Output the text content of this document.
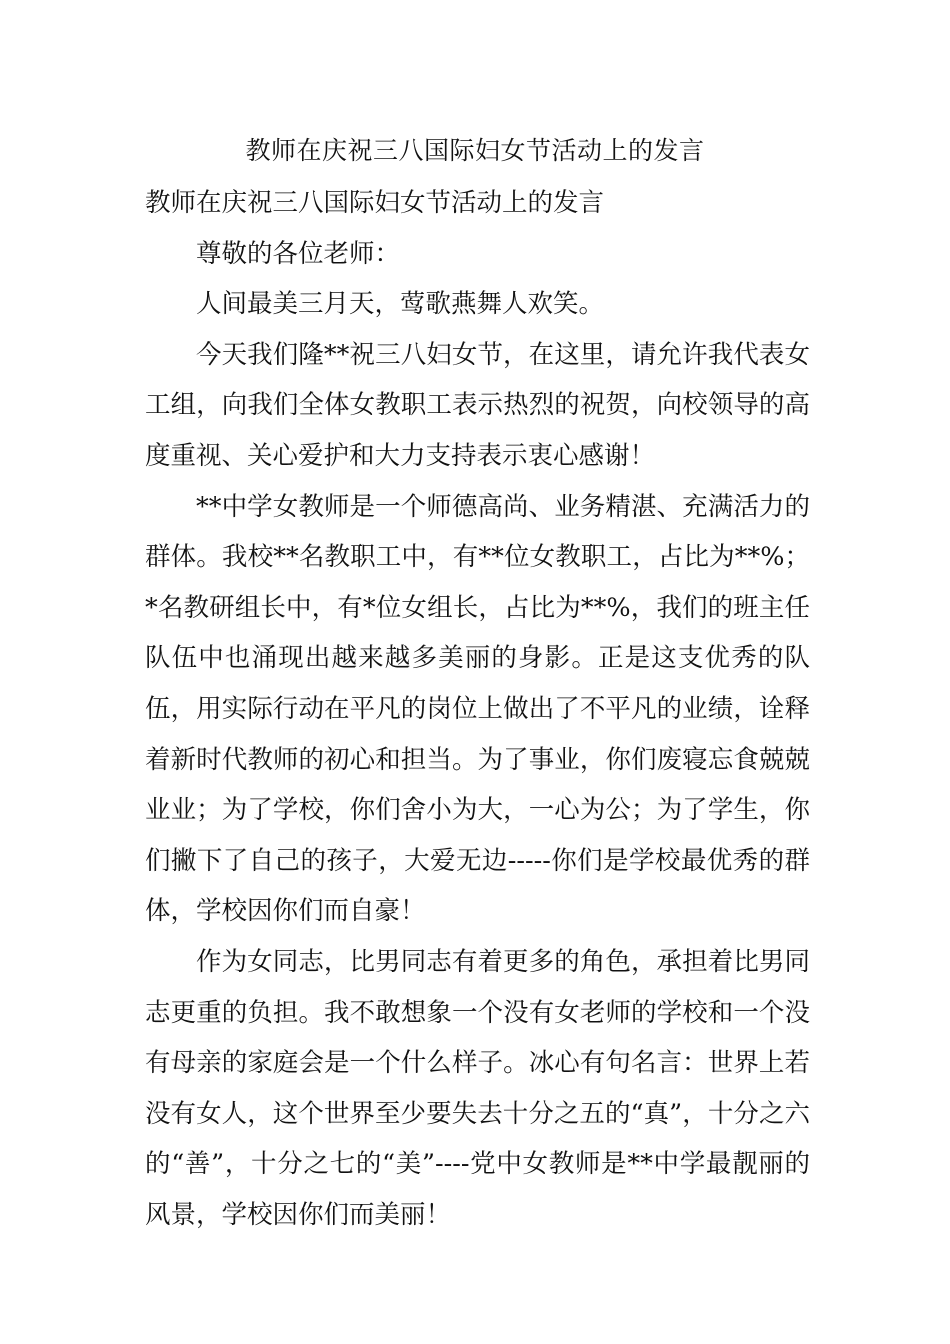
教师在庆祝三八国际妇女节活动上的发言

教师在庆祝三八国际妇女节活动上的发言

尊敬的各位老师：

人间最美三月天，莺歌燕舞人欢笑。

今天我们隆**祝三八妇女节，在这里，请允许我代表女工组，向我们全体女教职工表示热烈的祝贺，向校领导的高度重视、关心爱护和大力支持表示衷心感谢！

**中学女教师是一个师德高尚、业务精湛、充满活力的群体。我校**名教职工中，有**位女教职工，占比为**%；*名教研组长中，有*位女组长，占比为**%，我们的班主任队伍中也涌现出越来越多美丽的身影。正是这支优秀的队伍，用实际行动在平凡的岗位上做出了不平凡的业绩，诠释着新时代教师的初心和担当。为了事业，你们废寝忘食兢兢业业；为了学校，你们舍小为大，一心为公；为了学生，你们撇下了自己的孩子，大爱无边-----你们是学校最优秀的群体，学校因你们而自豪！

作为女同志，比男同志有着更多的角色，承担着比男同志更重的负担。我不敢想象一个没有女老师的学校和一个没有母亲的家庭会是一个什么样子。冰心有句名言：世界上若没有女人，这个世界至少要失去十分之五的“真”，十分之六的“善”，十分之七的“美”----党中女教师是**中学最靓丽的风景，学校因你们而美丽！
